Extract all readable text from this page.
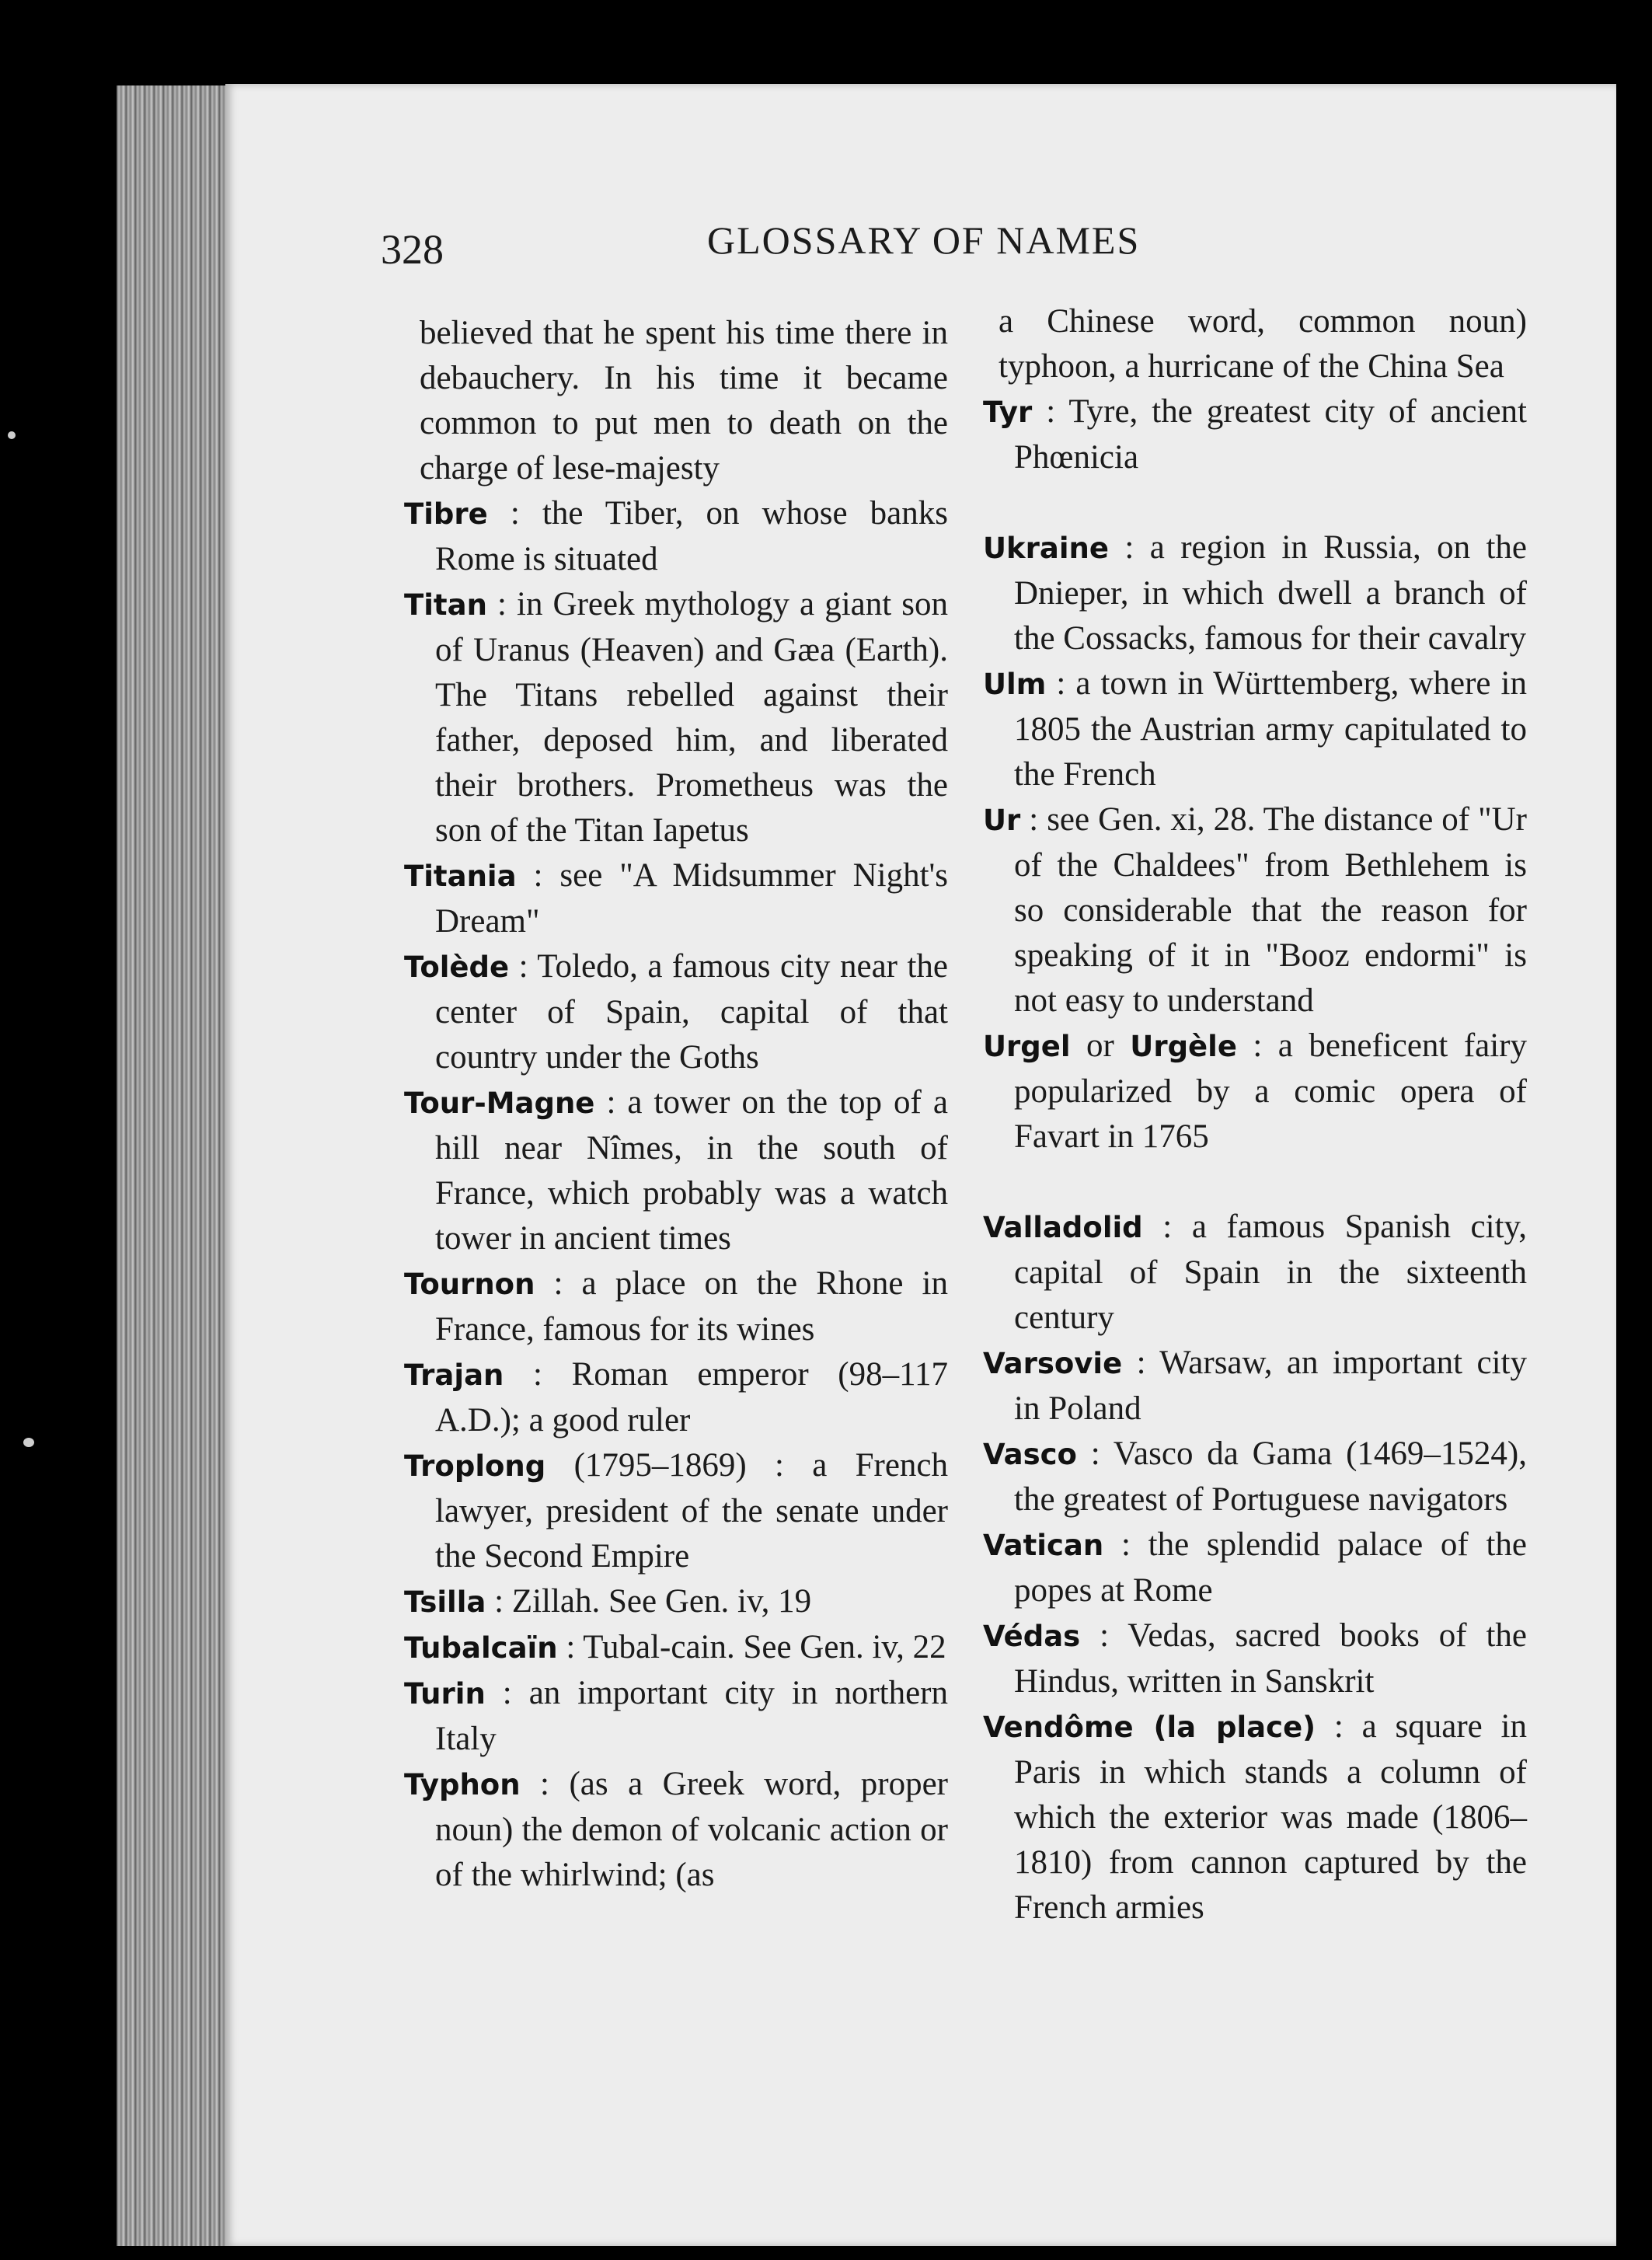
328	GLOSSARY OF NAMES
believed that he spent his time there in debauchery. In his time it became common to put men to death on the charge of lese-majesty
Tibre : the Tiber, on whose banks Rome is situated
Titan : in Greek mythology a giant son of Uranus (Heaven) and Gæa (Earth). The Titans rebelled against their father, deposed him, and liberated their brothers. Prometheus was the son of the Titan Iapetus
Titania : see "A Midsummer Night's Dream"
Tolède : Toledo, a famous city near the center of Spain, capital of that country under the Goths
Tour-Magne : a tower on the top of a hill near Nîmes, in the south of France, which probably was a watch tower in ancient times
Tournon : a place on the Rhone in France, famous for its wines
Trajan : Roman emperor (98–117 A.D.); a good ruler
Troplong (1795–1869) : a French lawyer, president of the senate under the Second Empire
Tsilla : Zillah. See Gen. iv, 19
Tubalcaïn : Tubal-cain. See Gen. iv, 22
Turin : an important city in northern Italy
Typhon : (as a Greek word, proper noun) the demon of volcanic action or of the whirlwind; (as
a Chinese word, common noun) typhoon, a hurricane of the China Sea
Tyr : Tyre, the greatest city of ancient Phœnicia
Ukraine : a region in Russia, on the Dnieper, in which dwell a branch of the Cossacks, famous for their cavalry
Ulm : a town in Württemberg, where in 1805 the Austrian army capitulated to the French
Ur : see Gen. xi, 28. The distance of "Ur of the Chaldees" from Bethlehem is so considerable that the reason for speaking of it in "Booz endormi" is not easy to understand
Urgel or Urgèle : a beneficent fairy popularized by a comic opera of Favart in 1765
Valladolid : a famous Spanish city, capital of Spain in the sixteenth century
Varsovie : Warsaw, an important city in Poland
Vasco : Vasco da Gama (1469–1524), the greatest of Portuguese navigators
Vatican : the splendid palace of the popes at Rome
Védas : Vedas, sacred books of the Hindus, written in Sanskrit
Vendôme (la place) : a square in Paris in which stands a column of which the exterior was made (1806–1810) from cannon captured by the French armies
